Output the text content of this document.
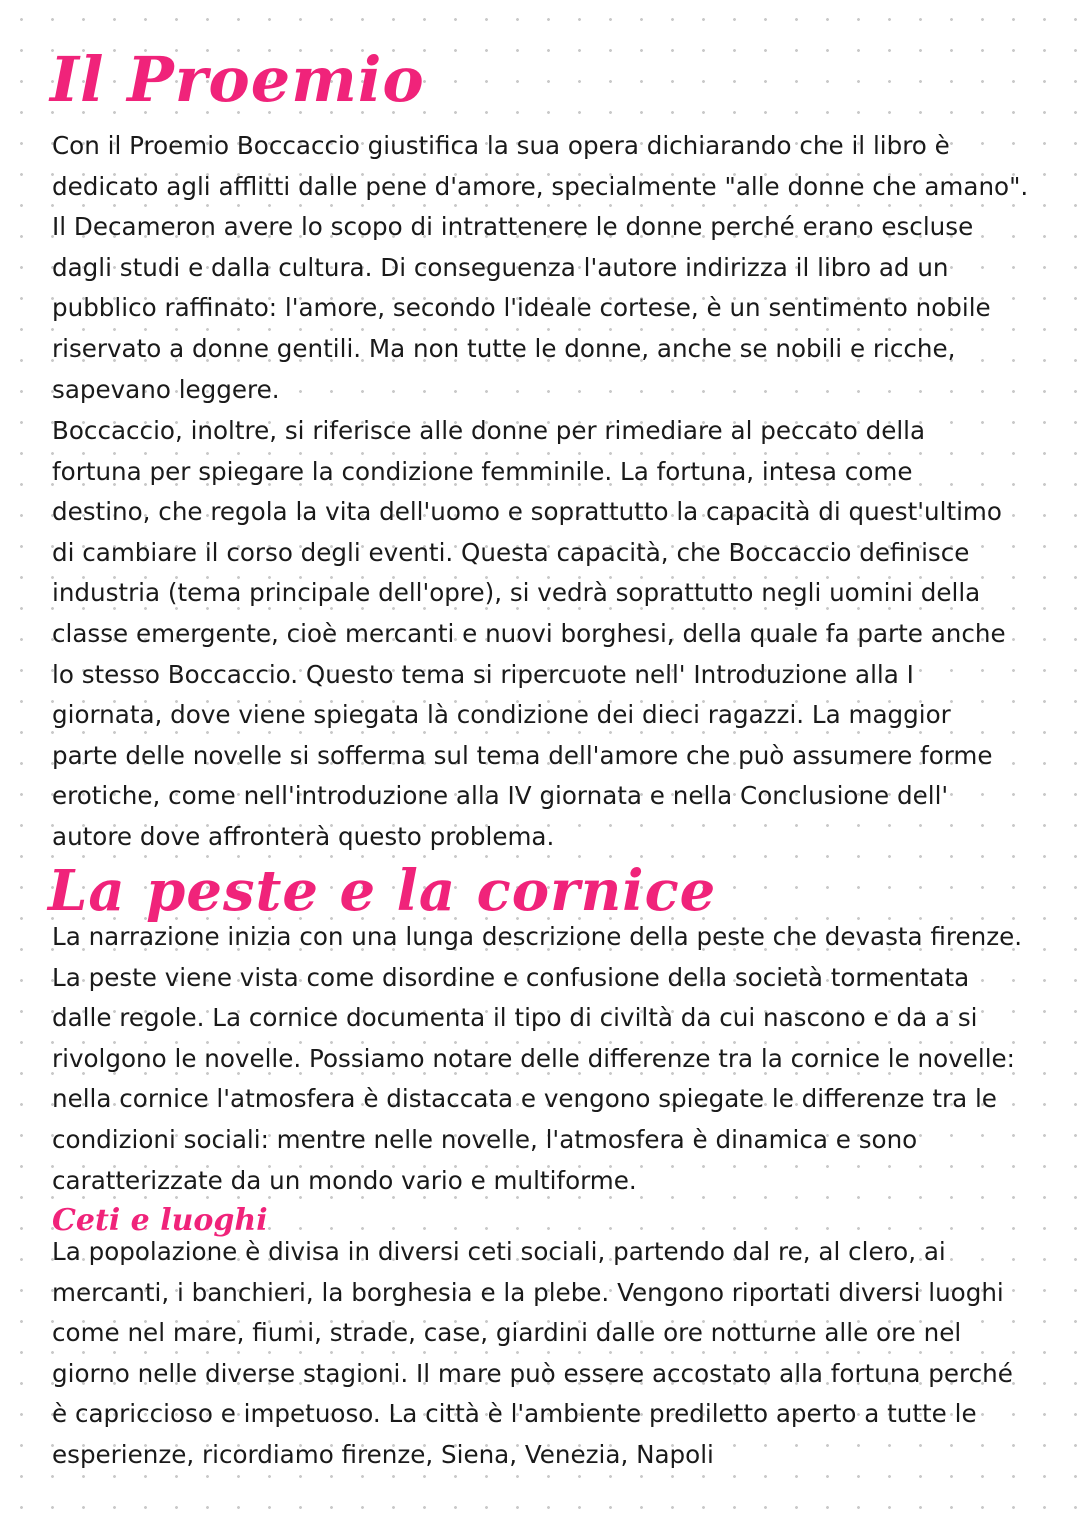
Il Proemio

Con il Proemio Boccaccio giustifica la sua opera dichiarando che il libro è
dedicato agli afflitti dalle pene d'amore, specialmente "alle donne che amano".
Il Decameron avere lo scopo di intrattenere le donne perché erano escluse
dagli studi e dalla cultura. Di conseguenza l'autore indirizza il libro ad un
pubblico raffinato: l'amore, secondo l'ideale cortese, è un sentimento nobile
riservato a donne gentili. Ma non tutte le donne, anche se nobili e ricche,
sapevano leggere.

Boccaccio, inoltre, si riferisce alle donne per rimediare al peccato della
fortuna per spiegare la condizione femminile. La fortuna, intesa come
destino, che regola la vita dell'uomo e soprattutto la capacità di quest'ultimo
di cambiare il corso degli eventi. Questa capacità, che Boccaccio definisce
industria (tema principale dell'opre), si vedrà soprattutto negli uomini della
classe emergente, cioè mercanti e nuovi borghesi, della quale fa parte anche
lo stesso Boccaccio. Questo tema si ripercuote nell' Introduzione alla I
giornata, dove viene spiegata là condizione dei dieci ragazzi. La maggior
parte delle novelle si sofferma sul tema dell'amore che può assumere forme
erotiche, come nell'introduzione alla IV giornata e nella Conclusione dell'
autore dove affronterà questo problema.

La peste e la cornice

La narrazione inizia con una lunga descrizione della peste che devasta firenze.
La peste viene vista come disordine e confusione della società tormentata
dalle regole. La cornice documenta il tipo di civiltà da cui nascono e da a si
rivolgono le novelle. Possiamo notare delle differenze tra la cornice le novelle:
nella cornice l'atmosfera è distaccata e vengono spiegate le differenze tra le
condizioni sociali: mentre nelle novelle, l'atmosfera è dinamica e sono
caratterizzate da un mondo vario e multiforme.

Ceti e luoghi

La popolazione è divisa in diversi ceti sociali, partendo dal re, al clero, ai
mercanti, i banchieri, la borghesia e la plebe. Vengono riportati diversi luoghi
come nel mare, fiumi, strade, case, giardini dalle ore notturne alle ore nel
giorno nelle diverse stagioni. Il mare può essere accostato alla fortuna perché
è capriccioso e impetuoso. La città è l'ambiente prediletto aperto a tutte le
esperienze, ricordiamo firenze, Siena, Venezia, Napoli
